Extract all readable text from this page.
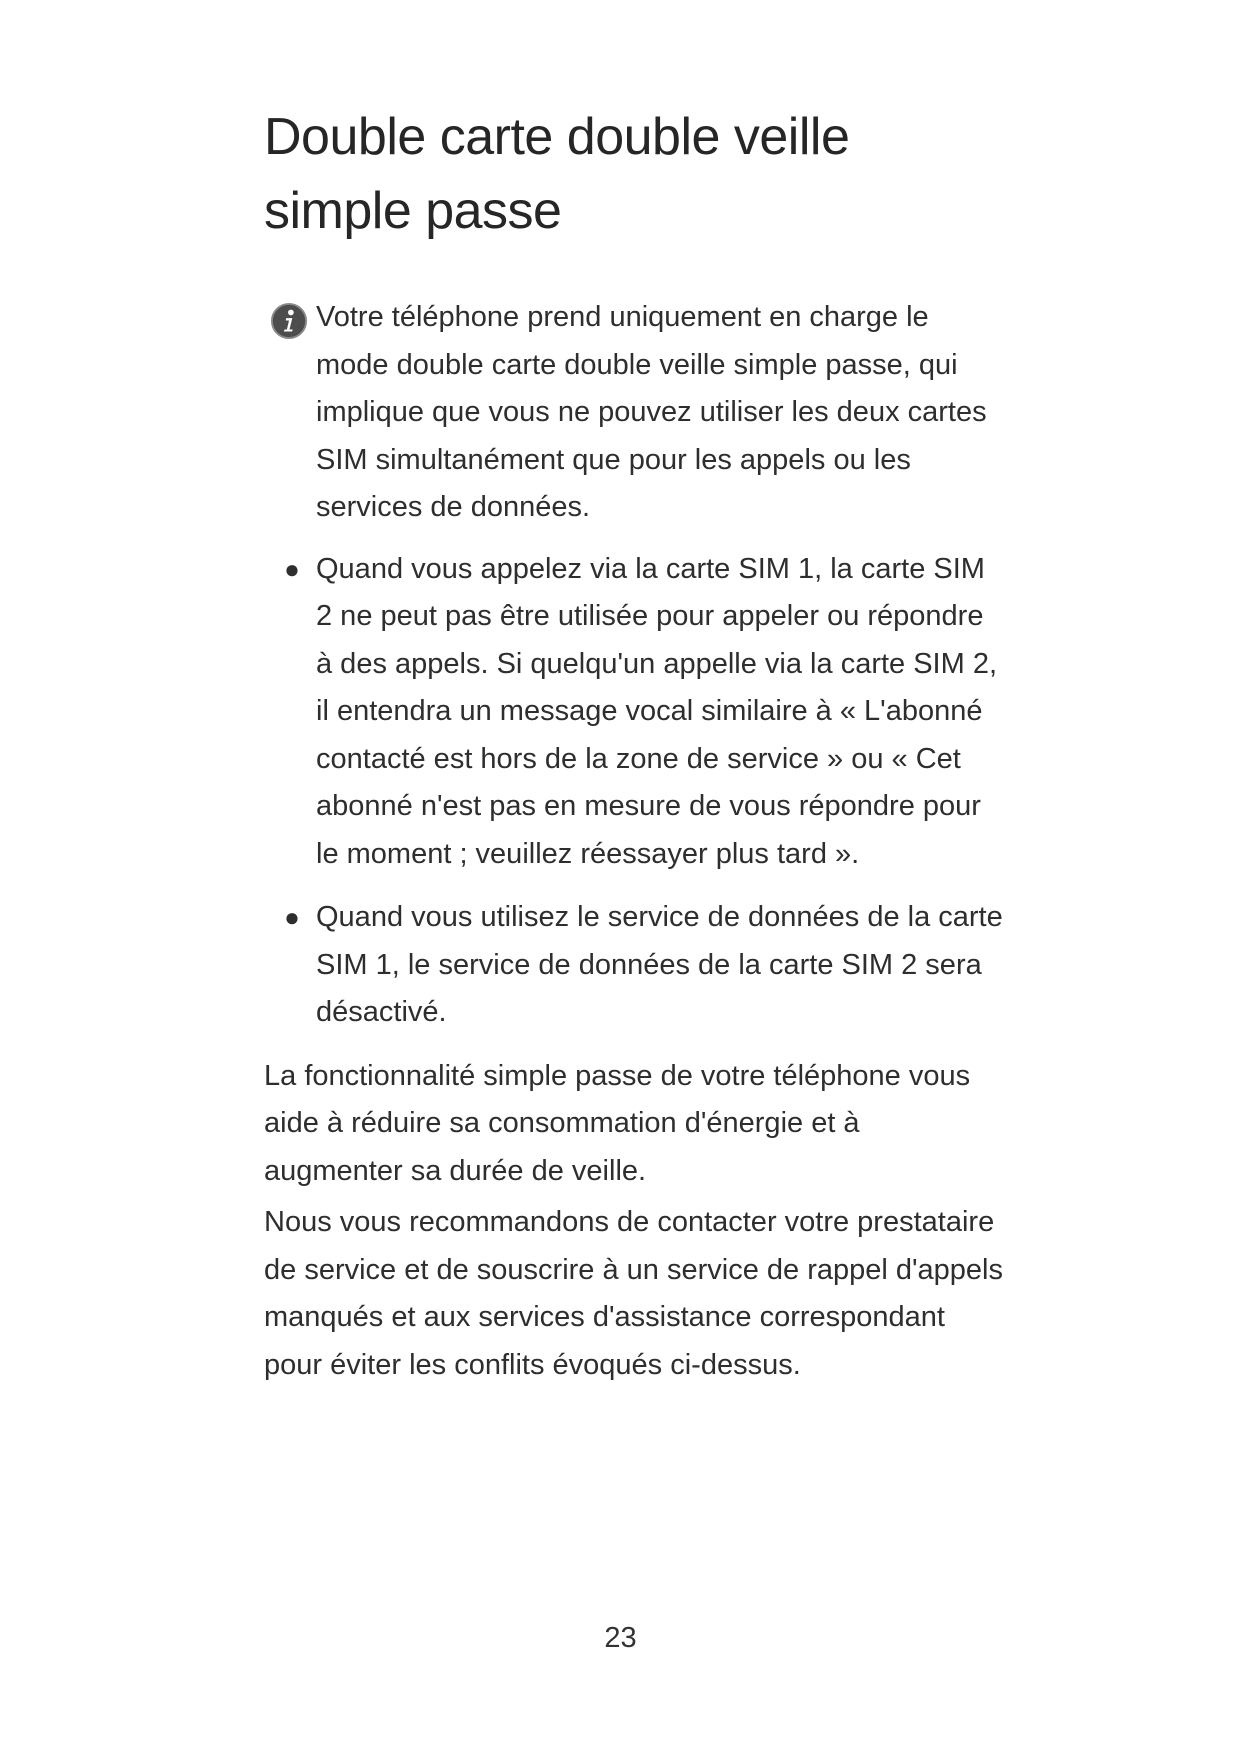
Double carte double veille simple passe

Votre téléphone prend uniquement en charge le mode double carte double veille simple passe, qui implique que vous ne pouvez utiliser les deux cartes SIM simultanément que pour les appels ou les services de données.

● Quand vous appelez via la carte SIM 1, la carte SIM 2 ne peut pas être utilisée pour appeler ou répondre à des appels. Si quelqu'un appelle via la carte SIM 2, il entendra un message vocal similaire à « L'abonné contacté est hors de la zone de service » ou « Cet abonné n'est pas en mesure de vous répondre pour le moment ; veuillez réessayer plus tard ».
● Quand vous utilisez le service de données de la carte SIM 1, le service de données de la carte SIM 2 sera désactivé.

La fonctionnalité simple passe de votre téléphone vous aide à réduire sa consommation d'énergie et à augmenter sa durée de veille.

Nous vous recommandons de contacter votre prestataire de service et de souscrire à un service de rappel d'appels manqués et aux services d'assistance correspondant pour éviter les conflits évoqués ci-dessus.

23
